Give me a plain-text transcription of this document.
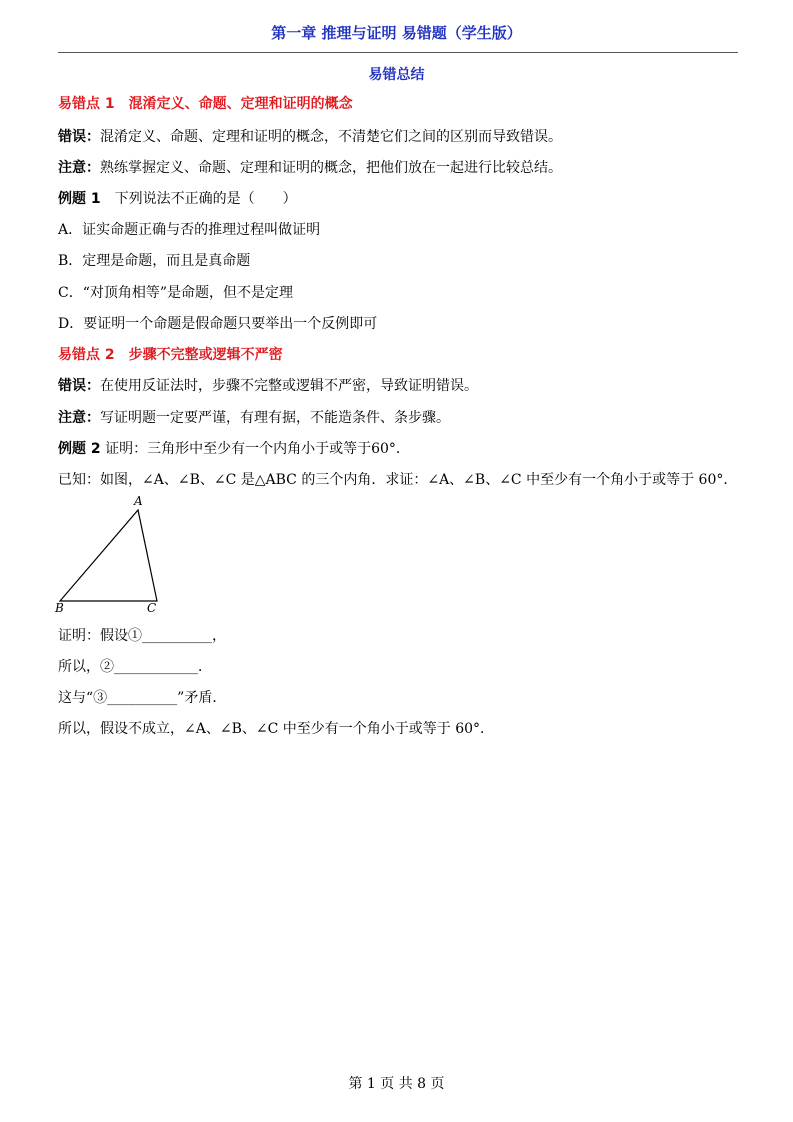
第一章 推理与证明 易错题（学生版）
易错总结
易错点 1　混淆定义、命题、定理和证明的概念
错误：混淆定义、命题、定理和证明的概念，不清楚它们之间的区别而导致错误。
注意：熟练掌握定义、命题、定理和证明的概念，把他们放在一起进行比较总结。
例题 1　下列说法不正确的是（　　）
A．证实命题正确与否的推理过程叫做证明
B．定理是命题，而且是真命题
C．“对顶角相等”是命题，但不是定理
D．要证明一个命题是假命题只要举出一个反例即可
易错点 2　步骤不完整或逻辑不严密
错误：在使用反证法时，步骤不完整或逻辑不严密，导致证明错误。
注意：写证明题一定要严谨，有理有据，不能造条件、条步骤。
例题 2 证明：三角形中至少有一个内角小于或等于60°．
已知：如图，∠A、∠B、∠C 是△ABC 的三个内角．求证：∠A、∠B、∠C 中至少有一个角小于或等于 60°．
A
B	C
证明：假设①__________，
所以，②____________．
这与“③__________”矛盾．
所以，假设不成立，∠A、∠B、∠C 中至少有一个角小于或等于 60°．
第 1 页 共 8 页
